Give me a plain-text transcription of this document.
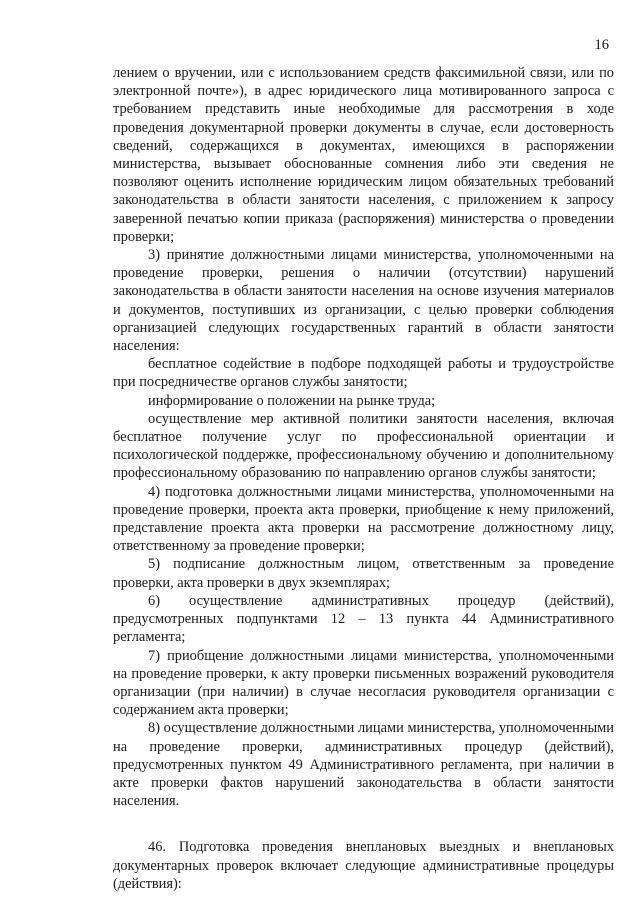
16

лением о вручении, или с использованием средств факсимильной связи, или по электронной почте»), в адрес юридического лица мотивированного запроса с требованием представить иные необходимые для рассмотрения в ходе проведения документарной проверки документы в случае, если достоверность сведений, содержащихся в документах, имеющихся в распоряжении министерства, вызывает обоснованные сомнения либо эти сведения не позволяют оценить исполнение юридическим лицом обязательных требований законодательства в области занятости населения, с приложением к запросу заверенной печатью копии приказа (распоряжения) министерства о проведении проверки;

3) принятие должностными лицами министерства, уполномоченными на проведение проверки, решения о наличии (отсутствии) нарушений законодательства в области занятости населения на основе изучения материалов и документов, поступивших из организации, с целью проверки соблюдения организацией следующих государственных гарантий в области занятости населения:

бесплатное содействие в подборе подходящей работы и трудоустройстве при посредничестве органов службы занятости;

информирование о положении на рынке труда;

осуществление мер активной политики занятости населения, включая бесплатное получение услуг по профессиональной ориентации и психологической поддержке, профессиональному обучению и дополнительному профессиональному образованию по направлению органов службы занятости;

4) подготовка должностными лицами министерства, уполномоченными на проведение проверки, проекта акта проверки, приобщение к нему приложений, представление проекта акта проверки на рассмотрение должностному лицу, ответственному за проведение проверки;

5) подписание должностным лицом, ответственным за проведение проверки, акта проверки в двух экземплярах;

6) осуществление административных процедур (действий), предусмотренных подпунктами 12 – 13 пункта 44 Административного регламента;

7) приобщение должностными лицами министерства, уполномоченными на проведение проверки, к акту проверки письменных возражений руководителя организации (при наличии) в случае несогласия руководителя организации с содержанием акта проверки;

8) осуществление должностными лицами министерства, уполномоченными на проведение проверки, административных процедур (действий), предусмотренных пунктом 49 Административного регламента, при наличии в акте проверки фактов нарушений законодательства в области занятости населения.

46. Подготовка проведения внеплановых выездных и внеплановых документарных проверок включает следующие административные процедуры (действия):
